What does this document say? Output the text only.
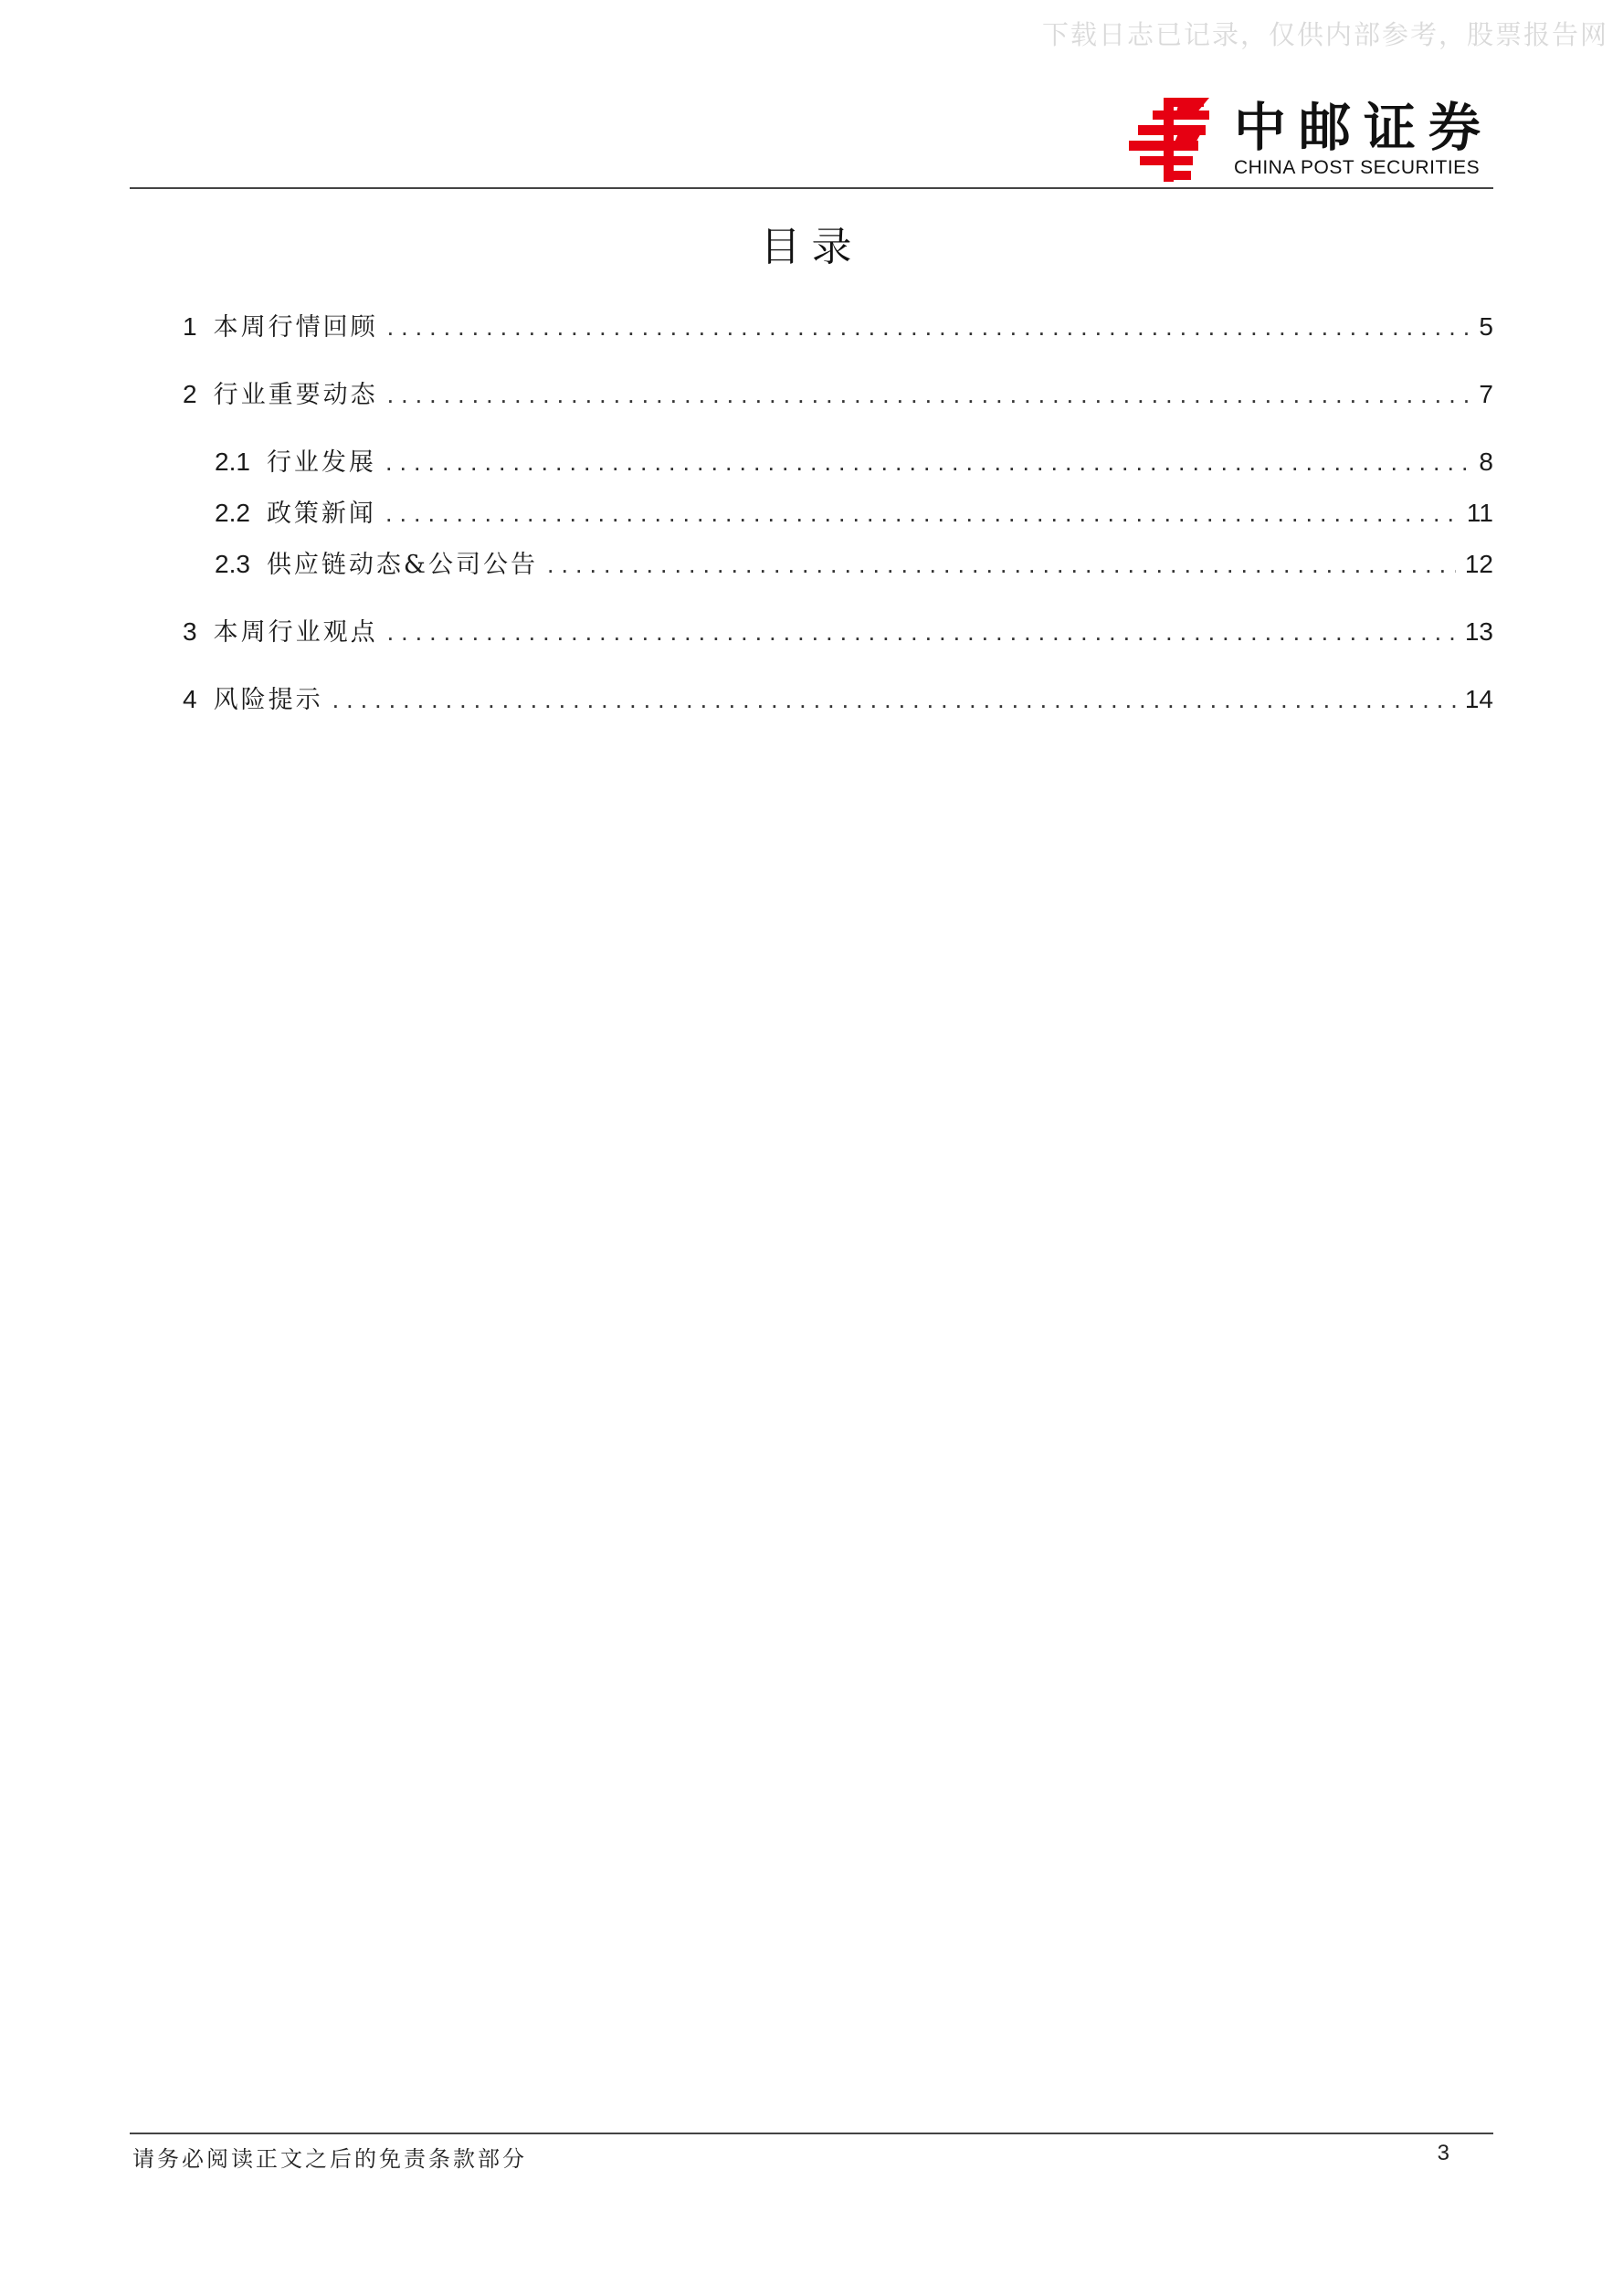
下载日志已记录，仅供内部参考，股票报告网
中邮证券
CHINA POST SECURITIES
目录
1 本周行情回顾 .....	5
2 行业重要动态 .....	7
2.1 行业发展 .....	8
2.2 政策新闻 .....	11
2.3 供应链动态&公司公告 .....	12
3 本周行业观点 .....	13
4 风险提示 .....	14
请务必阅读正文之后的免责条款部分	3
